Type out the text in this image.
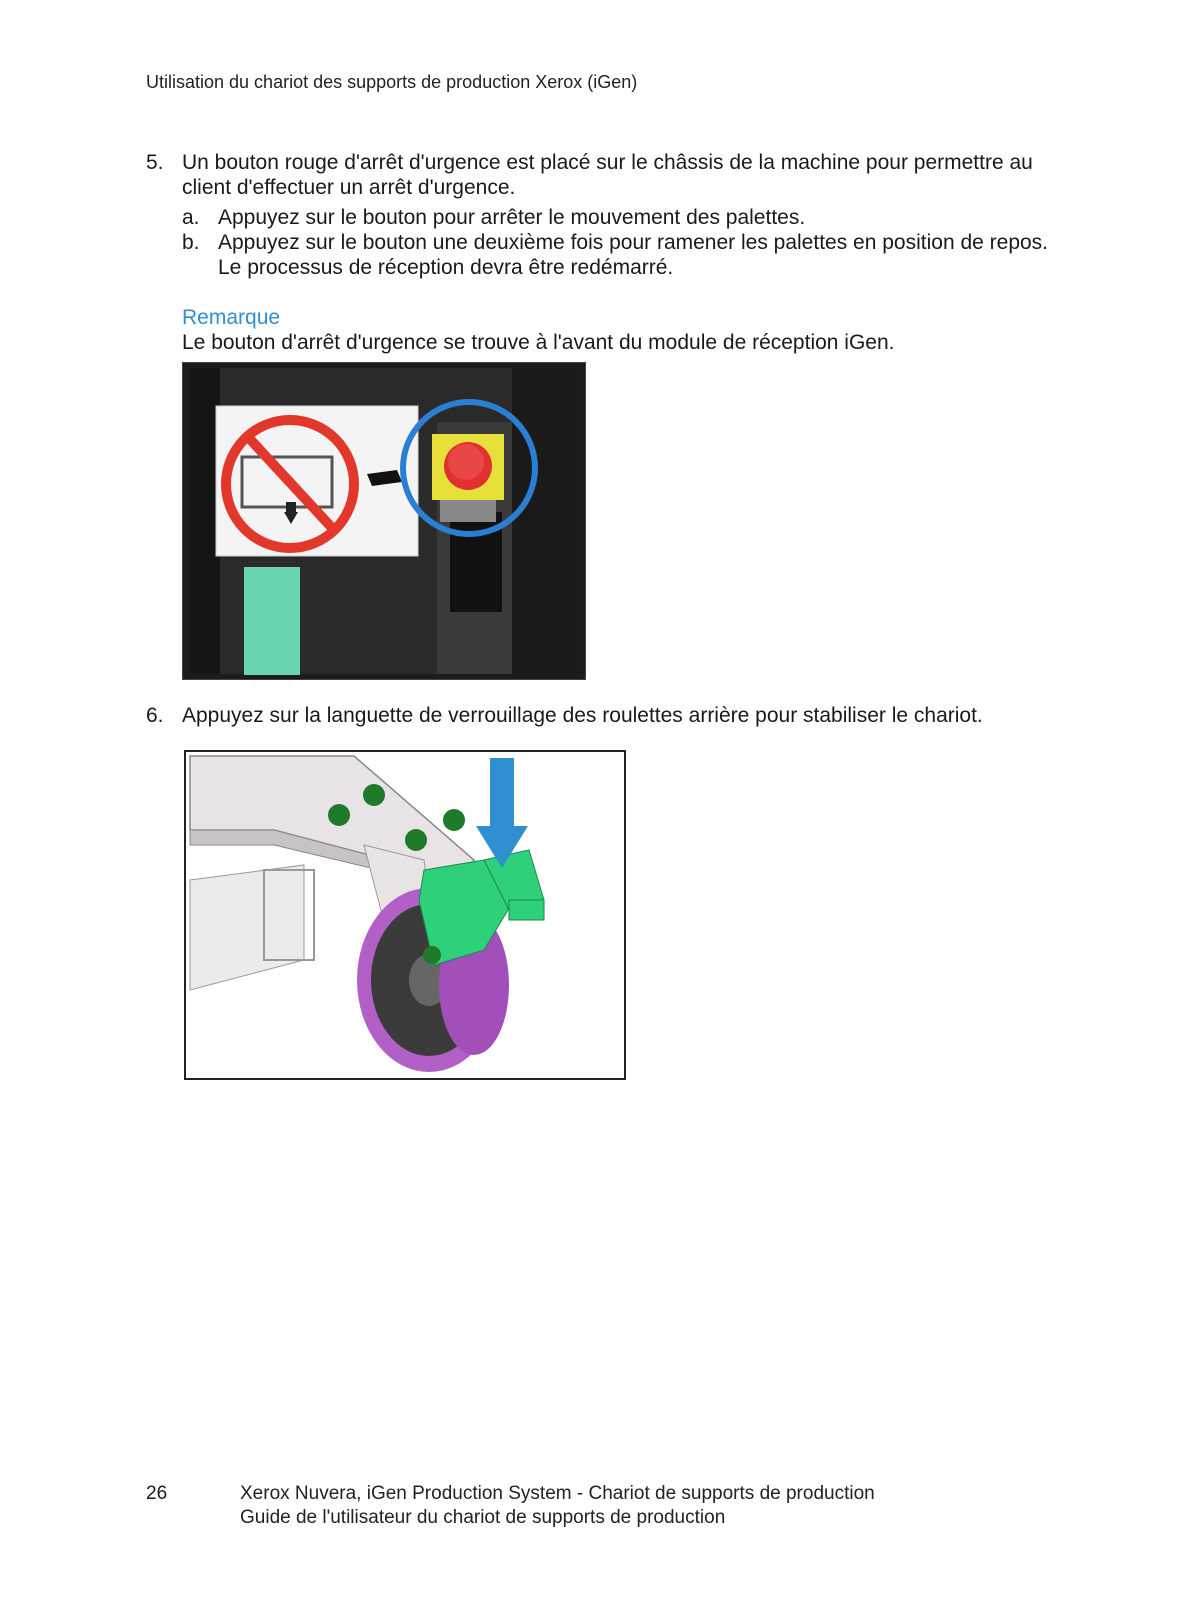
Utilisation du chariot des supports de production Xerox (iGen)
5. Un bouton rouge d'arrêt d'urgence est placé sur le châssis de la machine pour permettre au
client d'effectuer un arrêt d'urgence.
a. Appuyez sur le bouton pour arrêter le mouvement des palettes.
b. Appuyez sur le bouton une deuxième fois pour ramener les palettes en position de repos.
Le processus de réception devra être redémarré.
Remarque
Le bouton d'arrêt d'urgence se trouve à l'avant du module de réception iGen.
6. Appuyez sur la languette de verrouillage des roulettes arrière pour stabiliser le chariot.
26	Xerox Nuvera, iGen Production System - Chariot de supports de production
Guide de l'utilisateur du chariot de supports de production
